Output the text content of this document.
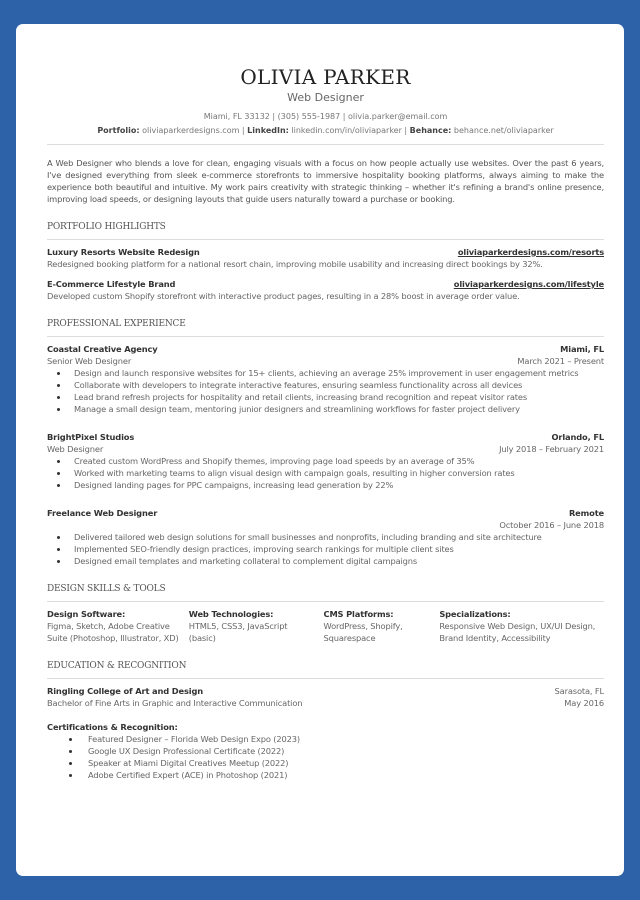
OLIVIA PARKER
Web Designer
Miami, FL 33132 | (305) 555-1987 | olivia.parker@email.com
Portfolio: oliviaparkerdesigns.com | LinkedIn: linkedin.com/in/oliviaparker | Behance: behance.net/oliviaparker
A Web Designer who blends a love for clean, engaging visuals with a focus on how people actually use websites. Over the past 6 years, I've designed everything from sleek e-commerce storefronts to immersive hospitality booking platforms, always aiming to make the experience both beautiful and intuitive. My work pairs creativity with strategic thinking – whether it's refining a brand's online presence, improving load speeds, or designing layouts that guide users naturally toward a purchase or booking.
PORTFOLIO HIGHLIGHTS
Luxury Resorts Website Redesign	oliviaparkerdesigns.com/resorts
Redesigned booking platform for a national resort chain, improving mobile usability and increasing direct bookings by 32%.
E-Commerce Lifestyle Brand	oliviaparkerdesigns.com/lifestyle
Developed custom Shopify storefront with interactive product pages, resulting in a 28% boost in average order value.
PROFESSIONAL EXPERIENCE
Coastal Creative Agency	Miami, FL
Senior Web Designer	March 2021 – Present
Design and launch responsive websites for 15+ clients, achieving an average 25% improvement in user engagement metrics
Collaborate with developers to integrate interactive features, ensuring seamless functionality across all devices
Lead brand refresh projects for hospitality and retail clients, increasing brand recognition and repeat visitor rates
Manage a small design team, mentoring junior designers and streamlining workflows for faster project delivery
BrightPixel Studios	Orlando, FL
Web Designer	July 2018 – February 2021
Created custom WordPress and Shopify themes, improving page load speeds by an average of 35%
Worked with marketing teams to align visual design with campaign goals, resulting in higher conversion rates
Designed landing pages for PPC campaigns, increasing lead generation by 22%
Freelance Web Designer	Remote
October 2016 – June 2018
Delivered tailored web design solutions for small businesses and nonprofits, including branding and site architecture
Implemented SEO-friendly design practices, improving search rankings for multiple client sites
Designed email templates and marketing collateral to complement digital campaigns
DESIGN SKILLS & TOOLS
Design Software:
Figma, Sketch, Adobe Creative Suite (Photoshop, Illustrator, XD)
Web Technologies:
HTML5, CSS3, JavaScript (basic)
CMS Platforms:
WordPress, Shopify, Squarespace
Specializations:
Responsive Web Design, UX/UI Design, Brand Identity, Accessibility
EDUCATION & RECOGNITION
Ringling College of Art and Design	Sarasota, FL
Bachelor of Fine Arts in Graphic and Interactive Communication	May 2016
Certifications & Recognition:
Featured Designer – Florida Web Design Expo (2023)
Google UX Design Professional Certificate (2022)
Speaker at Miami Digital Creatives Meetup (2022)
Adobe Certified Expert (ACE) in Photoshop (2021)
